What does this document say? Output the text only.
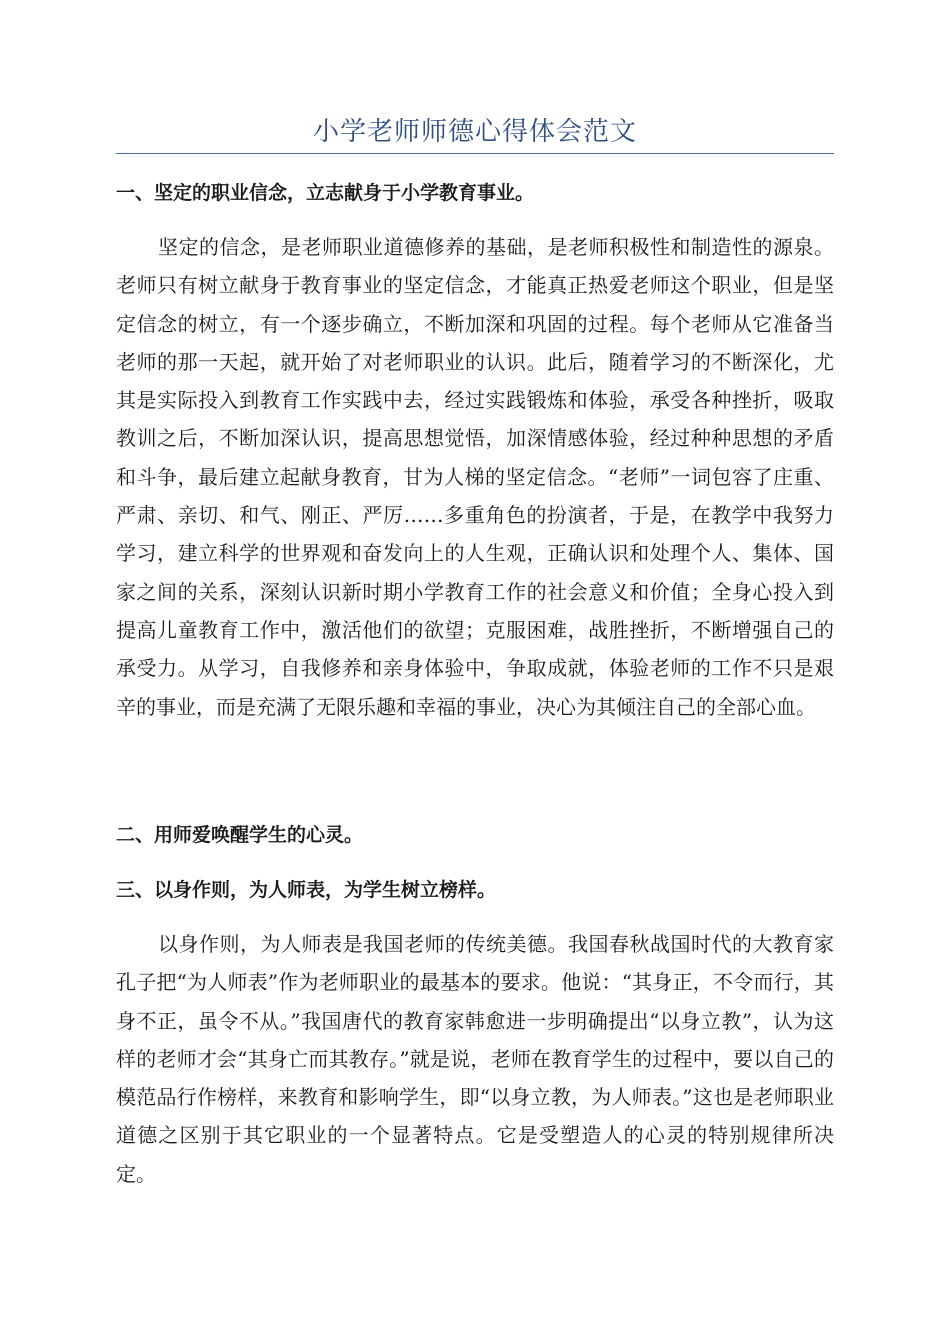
小学老师师德心得体会范文
一、坚定的职业信念，立志献身于小学教育事业。
坚定的信念，是老师职业道德修养的基础，是老师积极性和制造性的源泉。老师只有树立献身于教育事业的坚定信念，才能真正热爱老师这个职业，但是坚定信念的树立，有一个逐步确立，不断加深和巩固的过程。每个老师从它准备当老师的那一天起，就开始了对老师职业的认识。此后，随着学习的不断深化，尤其是实际投入到教育工作实践中去，经过实践锻炼和体验，承受各种挫折，吸取教训之后，不断加深认识，提高思想觉悟，加深情感体验，经过种种思想的矛盾和斗争，最后建立起献身教育，甘为人梯的坚定信念。“老师”一词包容了庄重、严肃、亲切、和气、刚正、严厉……多重角色的扮演者，于是，在教学中我努力学习，建立科学的世界观和奋发向上的人生观，正确认识和处理个人、集体、国家之间的关系，深刻认识新时期小学教育工作的社会意义和价值；全身心投入到提高儿童教育工作中，激活他们的欲望；克服困难，战胜挫折，不断增强自己的承受力。从学习，自我修养和亲身体验中，争取成就，体验老师的工作不只是艰辛的事业，而是充满了无限乐趣和幸福的事业，决心为其倾注自己的全部心血。
二、用师爱唤醒学生的心灵。
三、以身作则，为人师表，为学生树立榜样。
以身作则，为人师表是我国老师的传统美德。我国春秋战国时代的大教育家孔子把“为人师表”作为老师职业的最基本的要求。他说：“其身正，不令而行，其身不正，虽令不从。”我国唐代的教育家韩愈进一步明确提出“以身立教”，认为这样的老师才会“其身亡而其教存。”就是说，老师在教育学生的过程中，要以自己的模范品行作榜样，来教育和影响学生，即“以身立教，为人师表。”这也是老师职业道德之区别于其它职业的一个显著特点。它是受塑造人的心灵的特别规律所决定。
